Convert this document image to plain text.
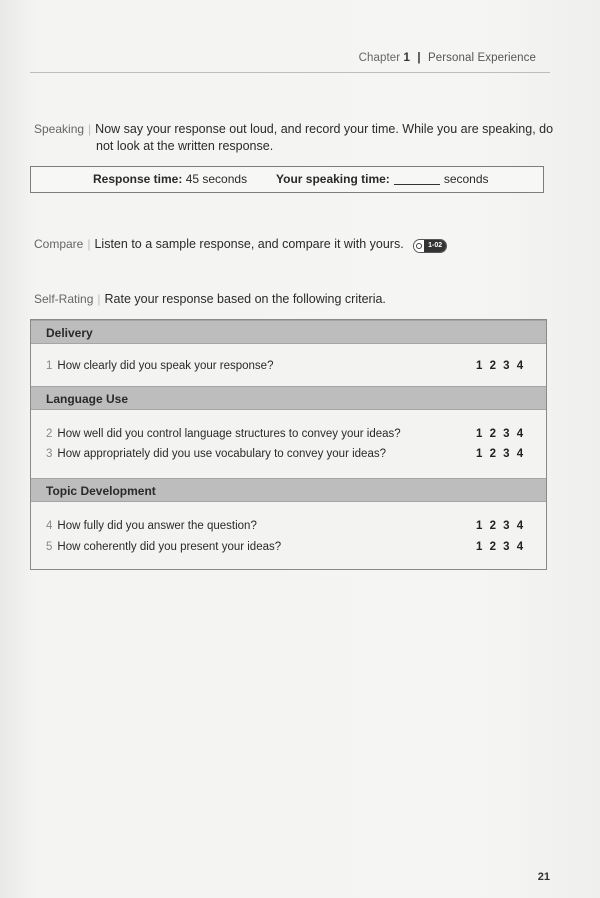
Chapter 1 | Personal Experience
Speaking | Now say your response out loud, and record your time. While you are speaking, do
not look at the written response.
Response time: 45 seconds Your speaking time:	seconds
Compare | Listen to a sample response, and compare it with yours.	1-02
Self-Rating | Rate your response based on the following criteria.
Delivery
1 How clearly did you speak your response?	1 2 3 4
Language Use
2 How well did you control language structures to convey your ideas?	1 2 3 4
3 How appropriately did you use vocabulary to convey your ideas?	1 2 3 4
Topic Development
4 How fully did you answer the question?	1 2 3 4
5 How coherently did you present your ideas?	1 2 3 4
21
